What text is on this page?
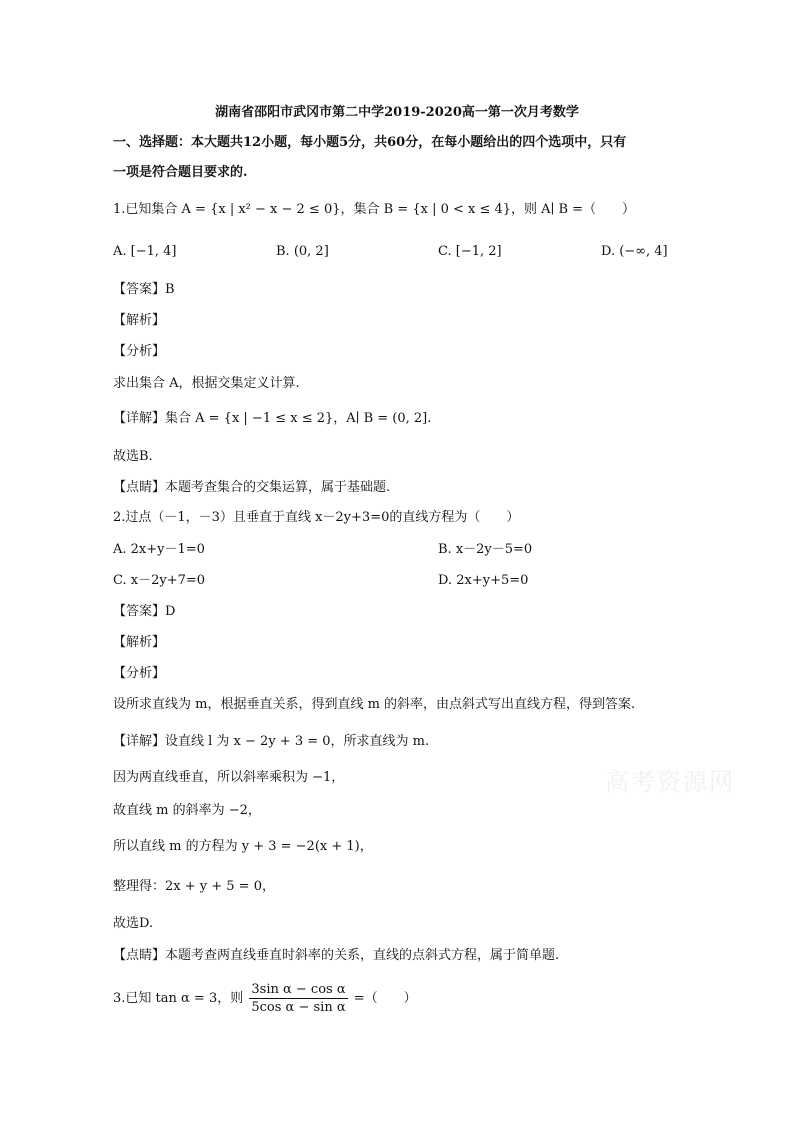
湖南省邵阳市武冈市第二中学2019-2020高一第一次月考数学
一、选择题：本大题共12小题，每小题5分，共60分，在每小题给出的四个选项中，只有
一项是符合题目要求的.
1.已知集合 A = {x | x² − x − 2 ≤ 0}，集合 B = {x | 0 < x ≤ 4}，则 A∣ B =（　　）
A. [−1, 4]	B. (0, 2]	C. [−1, 2]	D. (−∞, 4]
【答案】B
【解析】
【分析】
求出集合 A，根据交集定义计算.
【详解】集合 A = {x | −1 ≤ x ≤ 2}，A∣ B = (0, 2].
故选B.
【点睛】本题考查集合的交集运算，属于基础题.
2.过点（－1，－3）且垂直于直线 x－2y+3=0的直线方程为（　　）
A. 2x+y－1=0	B. x－2y－5=0
C. x－2y+7=0	D. 2x+y+5=0
【答案】D
【解析】
【分析】
设所求直线为 m，根据垂直关系，得到直线 m 的斜率，由点斜式写出直线方程，得到答案.
【详解】设直线 l 为 x − 2y + 3 = 0，所求直线为 m.
因为两直线垂直，所以斜率乘积为 −1，
故直线 m 的斜率为 −2，
所以直线 m 的方程为 y + 3 = −2(x + 1)，
整理得：2x + y + 5 = 0，
故选D.
【点睛】本题考查两直线垂直时斜率的关系，直线的点斜式方程，属于简单题.
3.已知 tan α = 3，则 $\frac{\text{3sin α − cos α}}{\text{5cos α − sin α}}$ =（　　）
高考资源网
